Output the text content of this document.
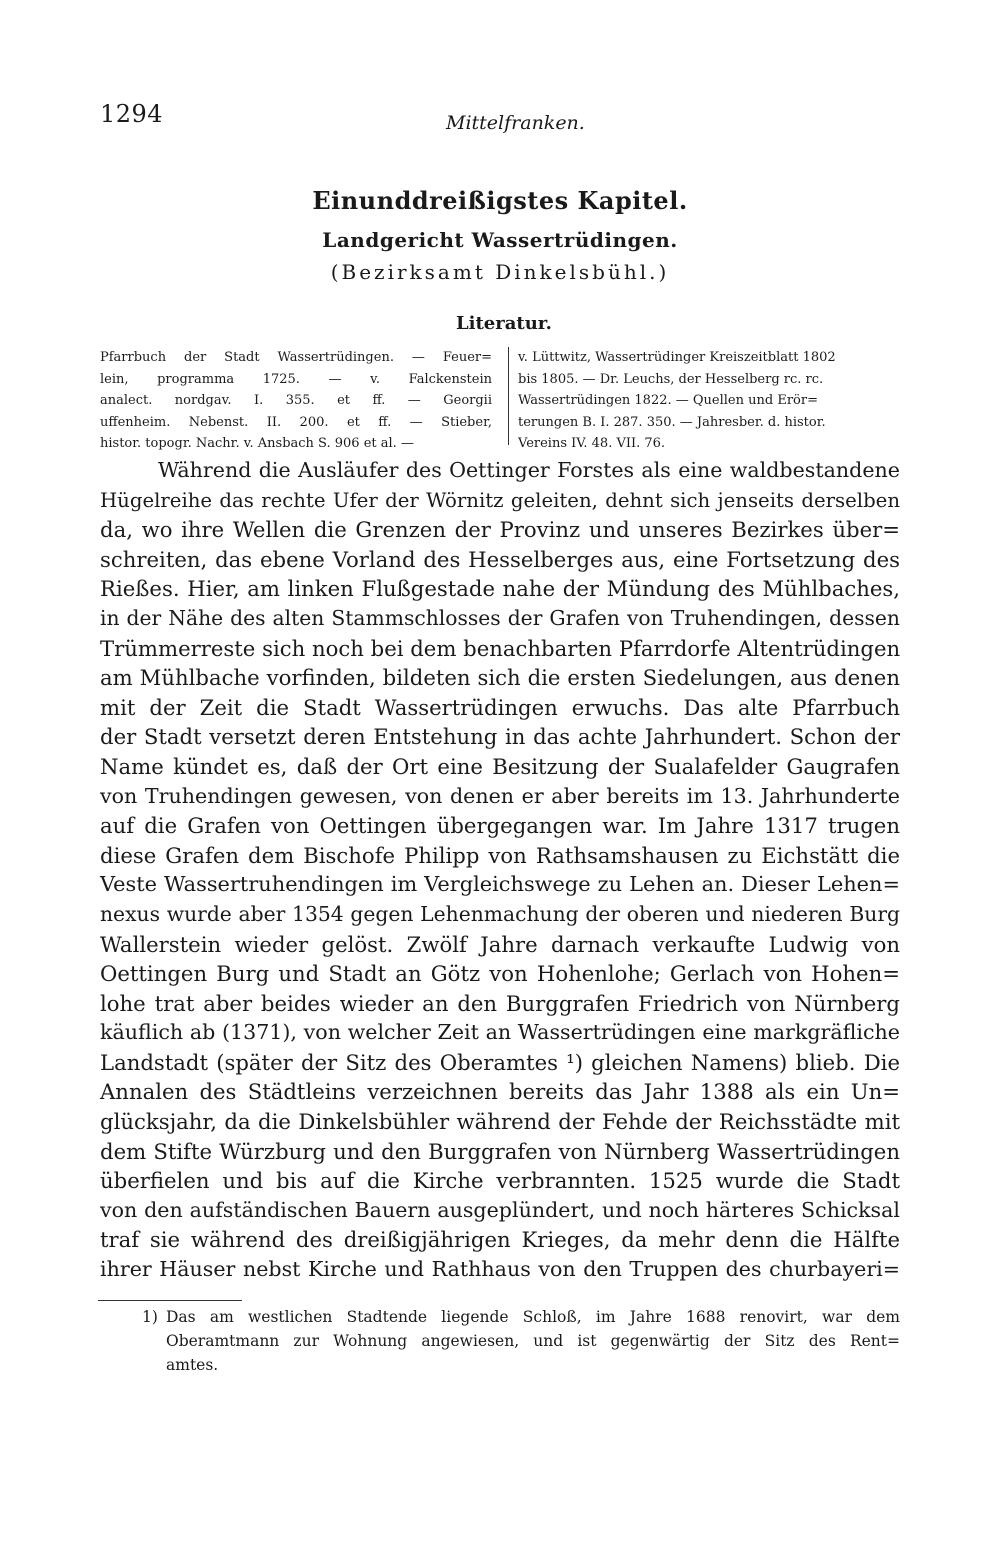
1294	Mittelfranken.
Einunddreißigstes Kapitel.
Landgericht Wassertrüdingen.
(Bezirksamt Dinkelsbühl.)
Literatur.
Pfarrbuch der Stadt Wassertrüdingen. — Feuer=
lein, programma 1725. — v. Falckenstein
analect. nordgav. I. 355. et ff. — Georgii
uffenheim. Nebenst. II. 200. et ff. — Stieber,
histor. topogr. Nachr. v. Ansbach S. 906 et al. —
v. Lüttwitz, Wassertrüdinger Kreiszeitblatt 1802
bis 1805. — Dr. Leuchs, der Hesselberg rc. rc.
Wassertrüdingen 1822. — Quellen und Erör=
terungen B. I. 287. 350. — Jahresber. d. histor.
Vereins IV. 48. VII. 76.
Während die Ausläufer des Oettinger Forstes als eine waldbestandene
Hügelreihe das rechte Ufer der Wörnitz geleiten, dehnt sich jenseits derselben
da, wo ihre Wellen die Grenzen der Provinz und unseres Bezirkes über=
schreiten, das ebene Vorland des Hesselberges aus, eine Fortsetzung des
Rießes. Hier, am linken Flußgestade nahe der Mündung des Mühlbaches,
in der Nähe des alten Stammschlosses der Grafen von Truhendingen, dessen
Trümmerreste sich noch bei dem benachbarten Pfarrdorfe Altentrüdingen
am Mühlbache vorfinden, bildeten sich die ersten Siedelungen, aus denen
mit der Zeit die Stadt Wassertrüdingen erwuchs. Das alte Pfarrbuch
der Stadt versetzt deren Entstehung in das achte Jahrhundert. Schon der
Name kündet es, daß der Ort eine Besitzung der Sualafelder Gaugrafen
von Truhendingen gewesen, von denen er aber bereits im 13. Jahrhunderte
auf die Grafen von Oettingen übergegangen war. Im Jahre 1317 trugen
diese Grafen dem Bischofe Philipp von Rathsamshausen zu Eichstätt die
Veste Wassertruhendingen im Vergleichswege zu Lehen an. Dieser Lehen=
nexus wurde aber 1354 gegen Lehenmachung der oberen und niederen Burg
Wallerstein wieder gelöst. Zwölf Jahre darnach verkaufte Ludwig von
Oettingen Burg und Stadt an Götz von Hohenlohe; Gerlach von Hohen=
lohe trat aber beides wieder an den Burggrafen Friedrich von Nürnberg
käuflich ab (1371), von welcher Zeit an Wassertrüdingen eine markgräfliche
Landstadt (später der Sitz des Oberamtes ¹) gleichen Namens) blieb. Die
Annalen des Städtleins verzeichnen bereits das Jahr 1388 als ein Un=
glücksjahr, da die Dinkelsbühler während der Fehde der Reichsstädte mit
dem Stifte Würzburg und den Burggrafen von Nürnberg Wassertrüdingen
überfielen und bis auf die Kirche verbrannten. 1525 wurde die Stadt
von den aufständischen Bauern ausgeplündert, und noch härteres Schicksal
traf sie während des dreißigjährigen Krieges, da mehr denn die Hälfte
ihrer Häuser nebst Kirche und Rathhaus von den Truppen des churbayeri=
1) Das am westlichen Stadtende liegende Schloß, im Jahre 1688 renovirt, war dem
Oberamtmann zur Wohnung angewiesen, und ist gegenwärtig der Sitz des Rent=
amtes.
